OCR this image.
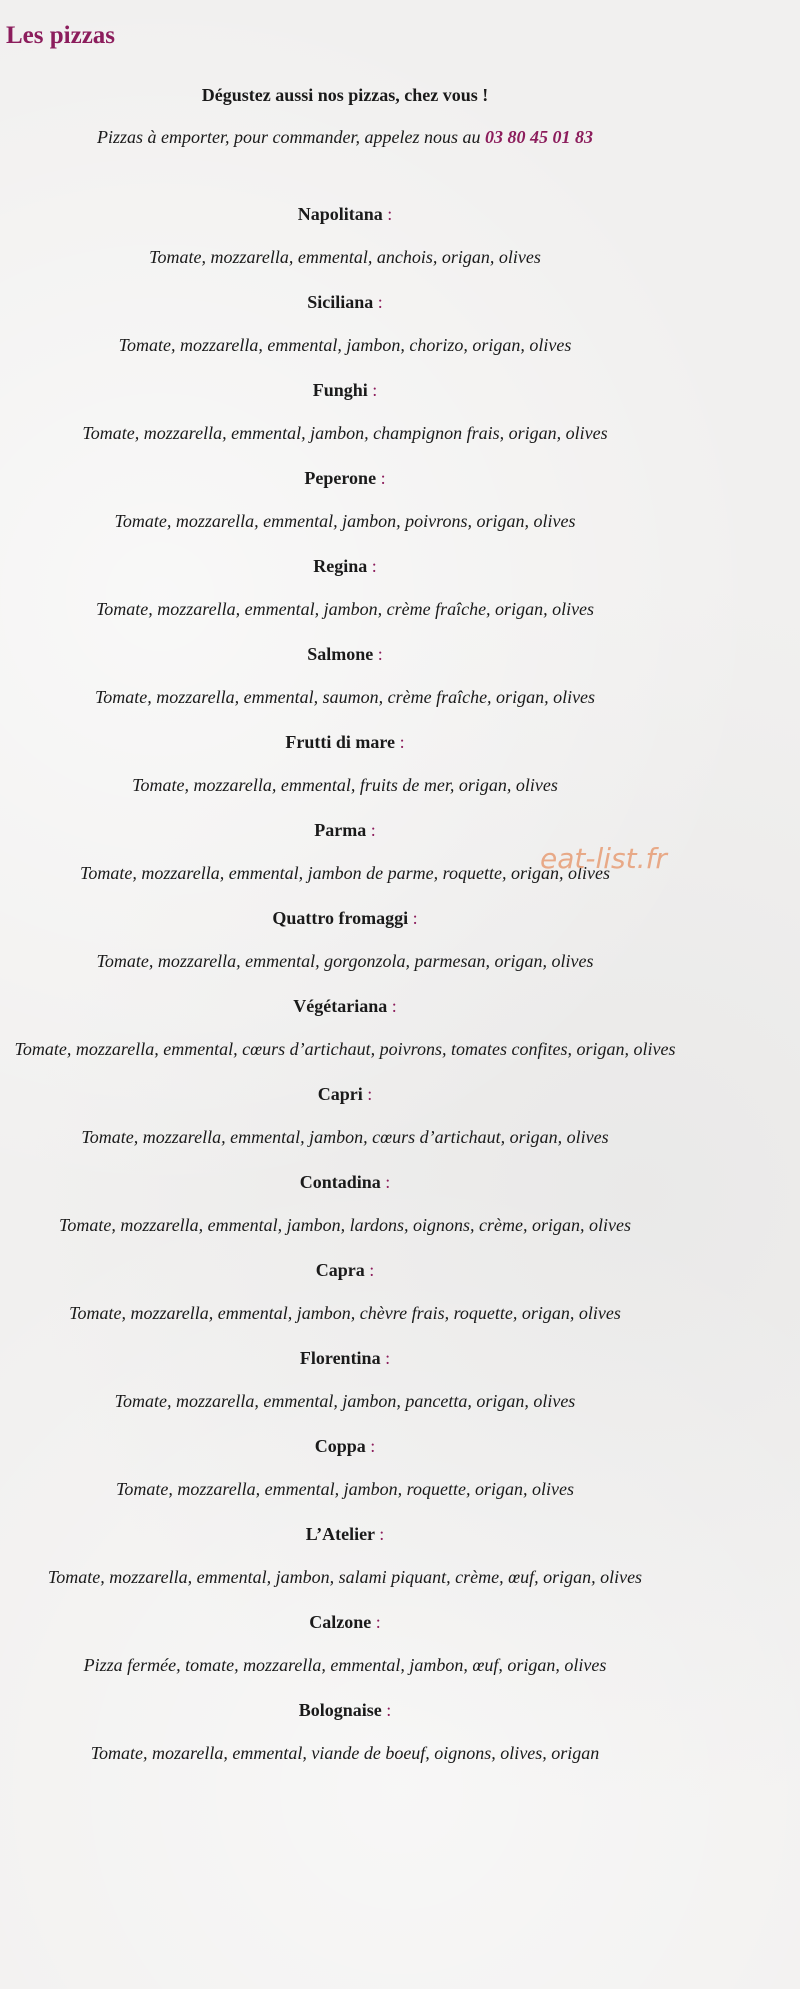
Les pizzas

Dégustez aussi nos pizzas, chez vous !

Pizzas à emporter, pour commander, appelez nous au 03 80 45 01 83

Napolitana :

Tomate, mozzarella, emmental, anchois, origan, olives

Siciliana :

Tomate, mozzarella, emmental, jambon, chorizo, origan, olives

Funghi :

Tomate, mozzarella, emmental, jambon, champignon frais, origan, olives

Peperone :

Tomate, mozzarella, emmental, jambon, poivrons, origan, olives

Regina :

Tomate, mozzarella, emmental, jambon, crème fraîche, origan, olives

Salmone :

Tomate, mozzarella, emmental, saumon, crème fraîche, origan, olives

Frutti di mare :

Tomate, mozzarella, emmental, fruits de mer, origan, olives

Parma :

Tomate, mozzarella, emmental, jambon de parme, roquette, origan, olives

Quattro fromaggi :

Tomate, mozzarella, emmental, gorgonzola, parmesan, origan, olives

Végétariana :

Tomate, mozzarella, emmental, cœurs d’artichaut, poivrons, tomates confites, origan, olives

Capri :

Tomate, mozzarella, emmental, jambon, cœurs d’artichaut, origan, olives

Contadina :

Tomate, mozzarella, emmental, jambon, lardons, oignons, crème, origan, olives

Capra :

Tomate, mozzarella, emmental, jambon, chèvre frais, roquette, origan, olives

Florentina :

Tomate, mozzarella, emmental, jambon, pancetta, origan, olives

Coppa :

Tomate, mozzarella, emmental, jambon, roquette, origan, olives

L’Atelier :

Tomate, mozzarella, emmental, jambon, salami piquant, crème, œuf, origan, olives

Calzone :

Pizza fermée, tomate, mozzarella, emmental, jambon, œuf, origan, olives

Bolognaise :

Tomate, mozarella, emmental, viande de boeuf, oignons, olives, origan

eat-list.fr
